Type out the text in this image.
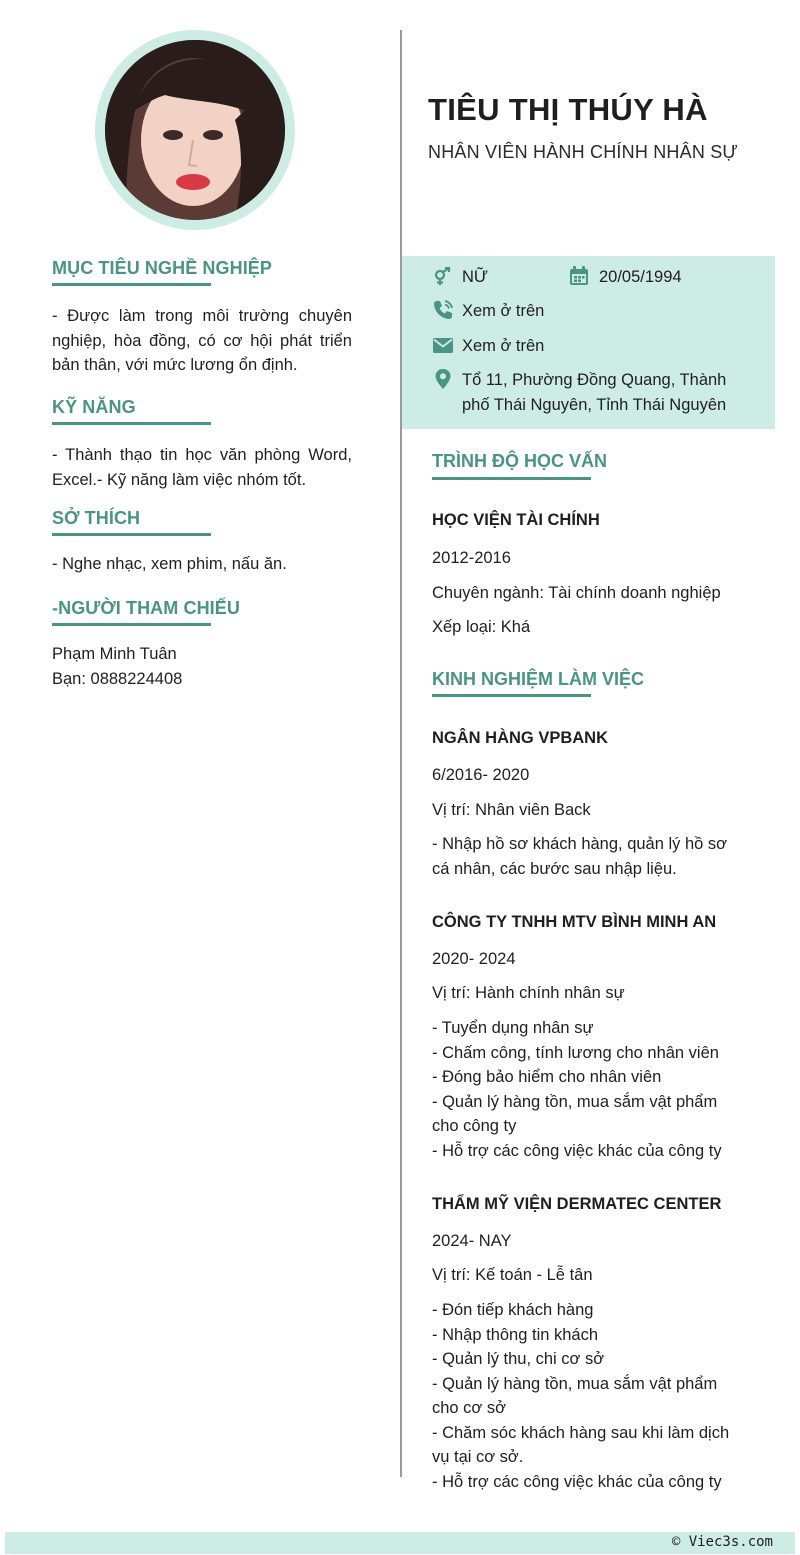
MỤC TIÊU NGHỀ NGHIỆP
- Được làm trong môi trường chuyên
nghiệp, hòa đồng, có cơ hội phát triển
bản thân, với mức lương ổn định.
KỸ NĂNG
- Thành thạo tin học văn phòng Word,
Excel.- Kỹ năng làm việc nhóm tốt.
SỞ THÍCH
- Nghe nhạc, xem phim, nấu ăn.
-NGƯỜI THAM CHIẾU
Phạm Minh Tuân
Bạn: 0888224408
TIÊU THỊ THÚY HÀ
NHÂN VIÊN HÀNH CHÍNH NHÂN SỰ
NỮ	20/05/1994
Xem ở trên
Xem ở trên
Tổ 11, Phường Đồng Quang, Thành
phố Thái Nguyên, Tỉnh Thái Nguyên
TRÌNH ĐỘ HỌC VẤN
HỌC VIỆN TÀI CHÍNH
2012-2016
Chuyên ngành: Tài chính doanh nghiệp
Xếp loại: Khá
KINH NGHIỆM LÀM VIỆC
NGÂN HÀNG VPBANK
6/2016- 2020
Vị trí: Nhân viên Back
- Nhập hồ sơ khách hàng, quản lý hồ sơ
cá nhân, các bước sau nhập liệu.
CÔNG TY TNHH MTV BÌNH MINH AN
2020- 2024
Vị trí: Hành chính nhân sự
- Tuyển dụng nhân sự
- Chấm công, tính lương cho nhân viên
- Đóng bảo hiểm cho nhân viên
- Quản lý hàng tồn, mua sắm vật phẩm
cho công ty
- Hỗ trợ các công việc khác của công ty
THẨM MỸ VIỆN DERMATEC CENTER
2024- NAY
Vị trí: Kế toán - Lễ tân
- Đón tiếp khách hàng
- Nhập thông tin khách
- Quản lý thu, chi cơ sở
- Quản lý hàng tồn, mua sắm vật phẩm
cho cơ sở
- Chăm sóc khách hàng sau khi làm dịch
vụ tại cơ sở.
- Hỗ trợ các công việc khác của công ty
© Viec3s.com
